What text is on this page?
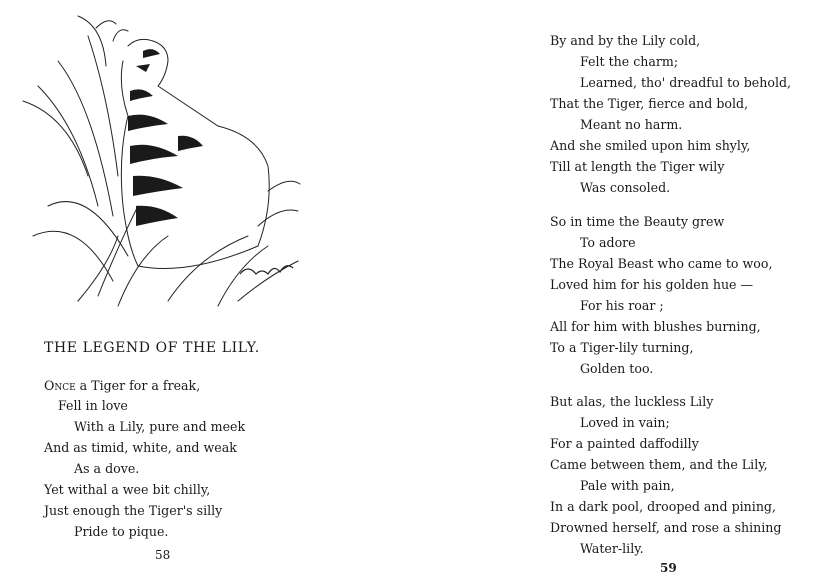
THE LEGEND OF THE LILY.
Once a Tiger for a freak,
Fell in love
With a Lily, pure and meek
And as timid, white, and weak
As a dove.
Yet withal a wee bit chilly,
Just enough the Tiger's silly
Pride to pique.
58
By and by the Lily cold,
Felt the charm;
Learned, tho' dreadful to behold,
That the Tiger, fierce and bold,
Meant no harm.
And she smiled upon him shyly,
Till at length the Tiger wily
Was consoled.
So in time the Beauty grew
To adore
The Royal Beast who came to woo,
Loved him for his golden hue —
For his roar ;
All for him with blushes burning,
To a Tiger-lily turning,
Golden too.
But alas, the luckless Lily
Loved in vain;
For a painted daffodilly
Came between them, and the Lily,
Pale with pain,
In a dark pool, drooped and pining,
Drowned herself, and rose a shining
Water-lily.
59
